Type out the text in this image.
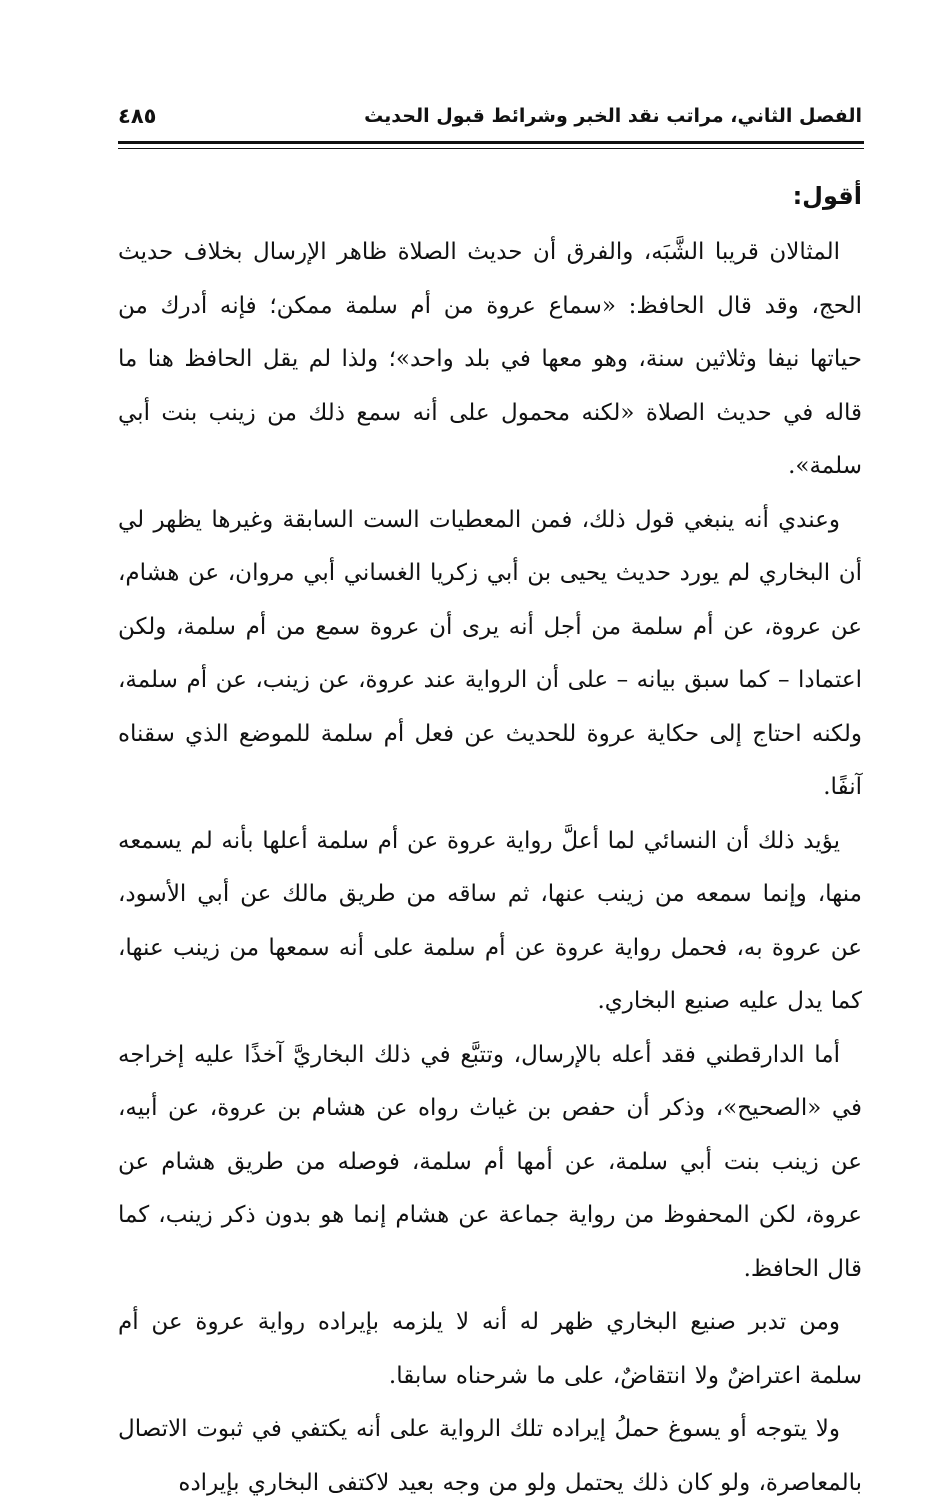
الفصل الثاني، مراتب نقد الخبر وشرائط قبول الحديث
٤٨٥

أقول:

المثالان قريبا الشَّبَه، والفرق أن حديث الصلاة ظاهر الإرسال بخلاف حديث الحج، وقد قال الحافظ: «سماع عروة من أم سلمة ممكن؛ فإنه أدرك من حياتها نيفا وثلاثين سنة، وهو معها في بلد واحد»؛ ولذا لم يقل الحافظ هنا ما قاله في حديث الصلاة «لكنه محمول على أنه سمع ذلك من زينب بنت أبي سلمة».

وعندي أنه ينبغي قول ذلك، فمن المعطيات الست السابقة وغيرها يظهر لي أن البخاري لم يورد حديث يحيى بن أبي زكريا الغساني أبي مروان، عن هشام، عن عروة، عن أم سلمة من أجل أنه يرى أن عروة سمع من أم سلمة، ولكن اعتمادا – كما سبق بيانه – على أن الرواية عند عروة، عن زينب، عن أم سلمة، ولكنه احتاج إلى حكاية عروة للحديث عن فعل أم سلمة للموضع الذي سقناه آنفًا.

يؤيد ذلك أن النسائي لما أعلَّ رواية عروة عن أم سلمة أعلها بأنه لم يسمعه منها، وإنما سمعه من زينب عنها، ثم ساقه من طريق مالك عن أبي الأسود، عن عروة به، فحمل رواية عروة عن أم سلمة على أنه سمعها من زينب عنها، كما يدل عليه صنيع البخاري.

أما الدارقطني فقد أعله بالإرسال، وتتبَّع في ذلك البخاريَّ آخذًا عليه إخراجه في «الصحيح»، وذكر أن حفص بن غياث رواه عن هشام بن عروة، عن أبيه، عن زينب بنت أبي سلمة، عن أمها أم سلمة، فوصله من طريق هشام عن عروة، لكن المحفوظ من رواية جماعة عن هشام إنما هو بدون ذكر زينب، كما قال الحافظ.

ومن تدبر صنيع البخاري ظهر له أنه لا يلزمه بإيراده رواية عروة عن أم سلمة اعتراضٌ ولا انتقاضٌ، على ما شرحناه سابقا.

ولا يتوجه أو يسوغ حملُ إيراده تلك الرواية على أنه يكتفي في ثبوت الاتصال بالمعاصرة، ولو كان ذلك يحتمل ولو من وجه بعيد لاكتفى البخاري بإيراده
